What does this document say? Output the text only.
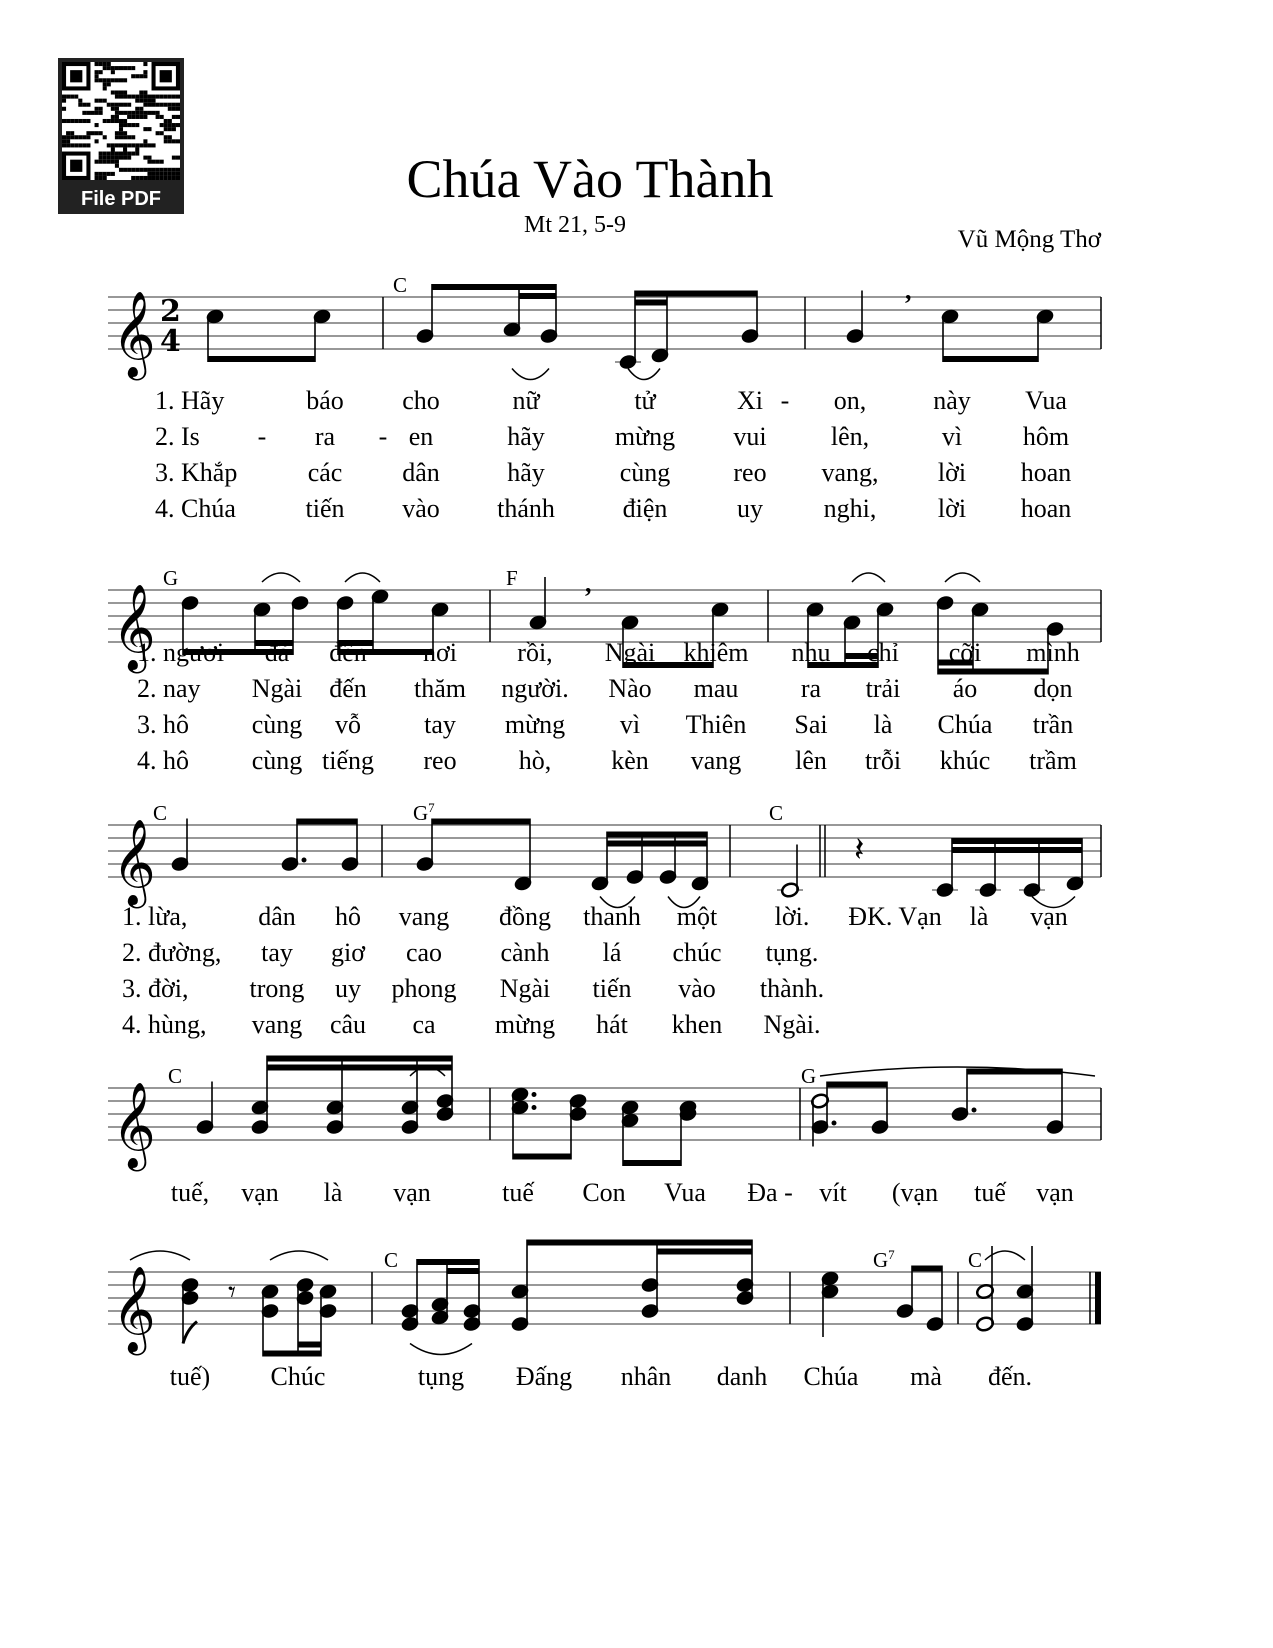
File PDF	Chúa Vào Thành
Mt 21, 5-9
Vũ Mộng Thơ
𝄞 2
4
,
𝄞
,
𝄞	𝄽
𝄞
𝄞 𝄾
C
1. Hãy	báo	cho	nữ	tử	Xi -	on,	này	Vua
2. Is	-	ra	- en	hãy	mừng	vui	lên,	vì	hôm
3. Khắp	các	dân	hãy	cùng	reo	vang,	lời	hoan
4. Chúa	tiến	vào	thánh	điện	uy	nghi,	lời	hoan
G	F
1. ngươi	đã	đến	nơi	rồi,	Ngài	khiêm	nhu	chỉ	cỡi	mình
2. nay	Ngài	đến	thăm	người.	Nào	mau	ra	trải	áo	dọn
3. hô	cùng	vỗ	tay	mừng	vì	Thiên	Sai	là	Chúa	trần
4. hô	cùng tiếng	reo	hò,	kèn	vang	lên	trỗi	khúc	trầm
C	$G^7$	C
1. lừa,	dân	hô	vang	đồng	thanh	một	lời.	ĐK. Vạn	là	vạn
2. đường,	tay	giơ	cao	cành	lá	chúc	tụng.
3. đời,	trong	uy	phong	Ngài	tiến	vào	thành.
4. hùng,	vang	câu	ca	mừng	hát	khen	Ngài.
C	G
tuế,	vạn	là	vạn	tuế	Con	Vua	Đa -	vít	(vạn	tuế	vạn
C	$G^7$	C
tuế)	Chúc	tụng	Đấng	nhân	danh	Chúa	mà	đến.
